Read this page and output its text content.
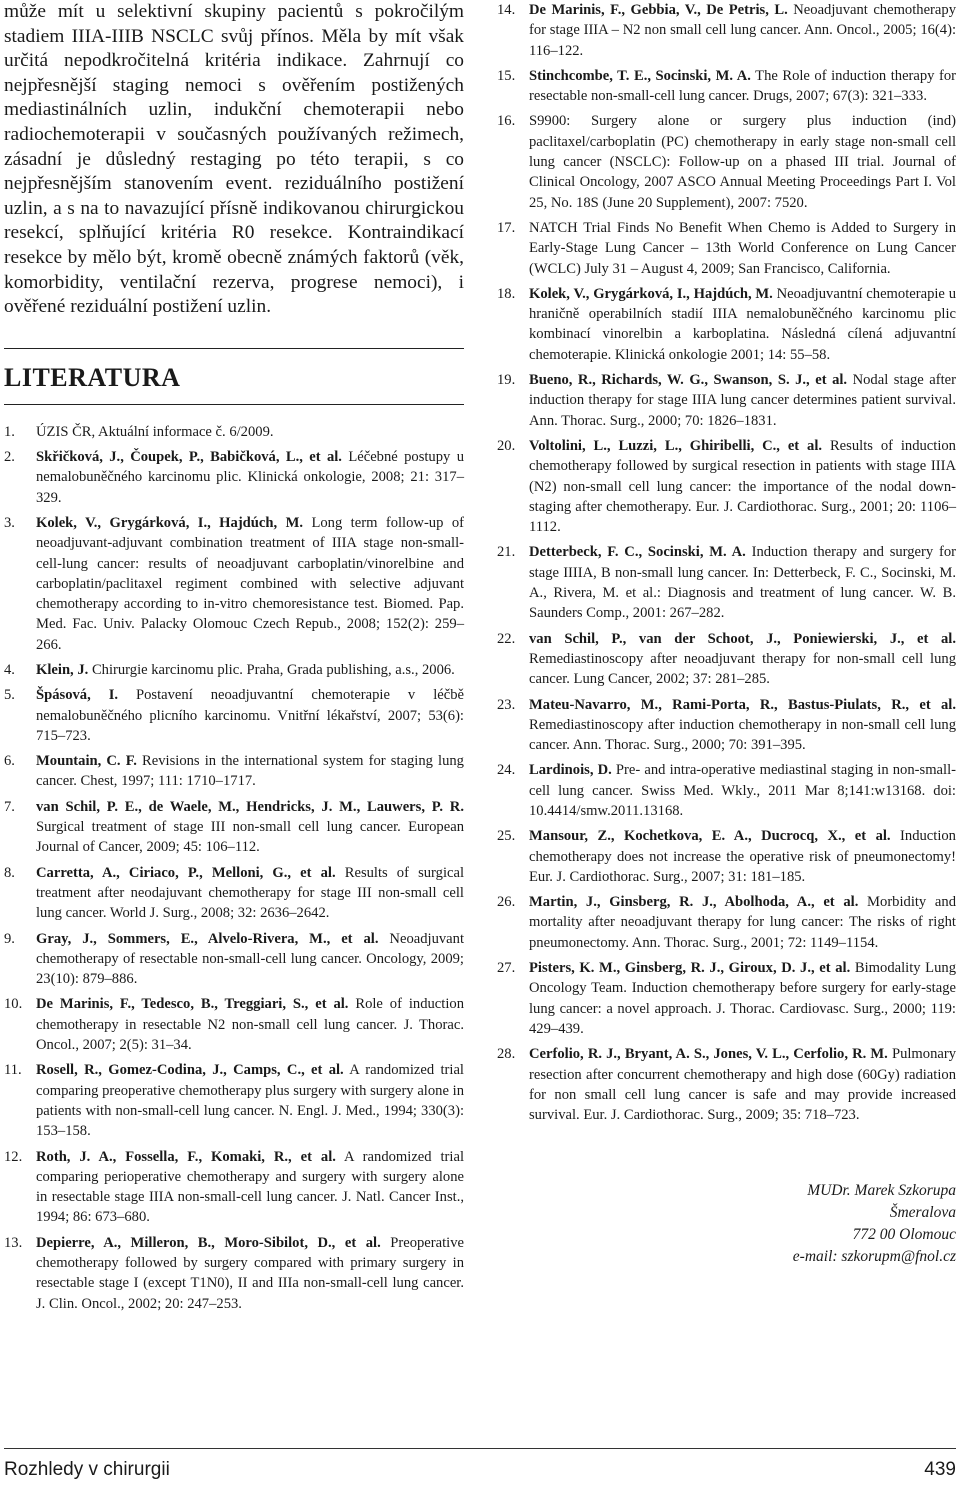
může mít u selektivní skupiny pacientů s pokročilým stadiem IIIA-IIIB NSCLC svůj přínos. Měla by mít však určitá nepodkročitelná kritéria indikace. Zahrnují co nejpřesnější staging nemoci s ověřením postižených mediastinálních uzlin, indukční chemoterapii nebo radiochemoterapii v současných používaných režimech, zásadní je důsledný restaging po této terapii, s co nejpřesnějším stanovením event. reziduálního postižení uzlin, a s na to navazující přísně indikovanou chirurgickou resekcí, splňující kritéria R0 resekce. Kontraindikací resekce by mělo být, kromě obecně známých faktorů (věk, komorbidity, ventilační rezerva, progrese nemoci), i ověřené reziduální postižení uzlin.

LITERATURA
1. ÚZIS ČR, Aktuální informace č. 6/2009.
2. Skřičková, J., Čoupek, P., Babičková, L., et al. Léčebné postupy u nemalobuněčného karcinomu plic. Klinická onkologie, 2008; 21: 317–329.
3. Kolek, V., Grygárková, I., Hajdúch, M. Long term follow-up of neoadjuvant-adjuvant combination treatment of IIIA stage non-small-cell-lung cancer: results of neoadjuvant carboplatin/vinorelbine and carboplatin/paclitaxel regiment combined with selective adjuvant chemotherapy according to in-vitro chemoresistance test. Biomed. Pap. Med. Fac. Univ. Palacky Olomouc Czech Repub., 2008; 152(2): 259–266.
4. Klein, J. Chirurgie karcinomu plic. Praha, Grada publishing, a.s., 2006.
5. Špásová, I. Postavení neoadjuvantní chemoterapie v léčbě nemalobuněčného plicního karcinomu. Vnitřní lékařství, 2007; 53(6): 715–723.
6. Mountain, C. F. Revisions in the international system for staging lung cancer. Chest, 1997; 111: 1710–1717.
7. van Schil, P. E., de Waele, M., Hendricks, J. M., Lauwers, P. R. Surgical treatment of stage III non-small cell lung cancer. European Journal of Cancer, 2009; 45: 106–112.
8. Carretta, A., Ciriaco, P., Melloni, G., et al. Results of surgical treatment after neodajuvant chemotherapy for stage III non-small cell lung cancer. World J. Surg., 2008; 32: 2636–2642.
9. Gray, J., Sommers, E., Alvelo-Rivera, M., et al. Neoadjuvant chemotherapy of resectable non-small-cell lung cancer. Oncology, 2009; 23(10): 879–886.
10. De Marinis, F., Tedesco, B., Treggiari, S., et al. Role of induction chemotherapy in resectable N2 non-small cell lung cancer. J. Thorac. Oncol., 2007; 2(5): 31–34.
11. Rosell, R., Gomez-Codina, J., Camps, C., et al. A randomized trial comparing preoperative chemotherapy plus surgery with surgery alone in patients with non-small-cell lung cancer. N. Engl. J. Med., 1994; 330(3): 153–158.
12. Roth, J. A., Fossella, F., Komaki, R., et al. A randomized trial comparing perioperative chemotherapy and surgery with surgery alone in resectable stage IIIA non-small-cell lung cancer. J. Natl. Cancer Inst., 1994; 86: 673–680.
13. Depierre, A., Milleron, B., Moro-Sibilot, D., et al. Preoperative chemotherapy followed by surgery compared with primary surgery in resectable stage I (except T1N0), II and IIIa non-small-cell lung cancer. J. Clin. Oncol., 2002; 20: 247–253.
14. De Marinis, F., Gebbia, V., De Petris, L. Neoadjuvant chemotherapy for stage IIIA – N2 non small cell lung cancer. Ann. Oncol., 2005; 16(4): 116–122.
15. Stinchcombe, T. E., Socinski, M. A. The Role of induction therapy for resectable non-small-cell lung cancer. Drugs, 2007; 67(3): 321–333.
16. S9900: Surgery alone or surgery plus induction (ind) paclitaxel/carboplatin (PC) chemotherapy in early stage non-small cell lung cancer (NSCLC): Follow-up on a phased III trial. Journal of Clinical Oncology, 2007 ASCO Annual Meeting Proceedings Part I. Vol 25, No. 18S (June 20 Supplement), 2007: 7520.
17. NATCH Trial Finds No Benefit When Chemo is Added to Surgery in Early-Stage Lung Cancer – 13th World Conference on Lung Cancer (WCLC) July 31 – August 4, 2009; San Francisco, California.
18. Kolek, V., Grygárková, I., Hajdúch, M. Neoadjuvantní chemoterapie u hraničně operabilních stadií IIIA nemalobuněčného karcinomu plic kombinací vinorelbin a karboplatina. Následná cílená adjuvantní chemoterapie. Klinická onkologie 2001; 14: 55–58.
19. Bueno, R., Richards, W. G., Swanson, S. J., et al. Nodal stage after induction therapy for stage IIIA lung cancer determines patient survival. Ann. Thorac. Surg., 2000; 70: 1826–1831.
20. Voltolini, L., Luzzi, L., Ghiribelli, C., et al. Results of induction chemotherapy followed by surgical resection in patients with stage IIIA (N2) non-small cell lung cancer: the importance of the nodal down-staging after chemotherapy. Eur. J. Cardiothorac. Surg., 2001; 20: 1106–1112.
21. Detterbeck, F. C., Socinski, M. A. Induction therapy and surgery for stage IIIIA, B non-small lung cancer. In: Detterbeck, F. C., Socinski, M. A., Rivera, M. et al.: Diagnosis and treatment of lung cancer. W. B. Saunders Comp., 2001: 267–282.
22. van Schil, P., van der Schoot, J., Poniewierski, J., et al. Remediastinoscopy after neoadjuvant therapy for non-small cell lung cancer. Lung Cancer, 2002; 37: 281–285.
23. Mateu-Navarro, M., Rami-Porta, R., Bastus-Piulats, R., et al. Remediastinoscopy after induction chemotherapy in non-small cell lung cancer. Ann. Thorac. Surg., 2000; 70: 391–395.
24. Lardinois, D. Pre- and intra-operative mediastinal staging in non-small-cell lung cancer. Swiss Med. Wkly., 2011 Mar 8;141:w13168. doi: 10.4414/smw.2011.13168.
25. Mansour, Z., Kochetkova, E. A., Ducrocq, X., et al. Induction chemotherapy does not increase the operative risk of pneumonectomy! Eur. J. Cardiothorac. Surg., 2007; 31: 181–185.
26. Martin, J., Ginsberg, R. J., Abolhoda, A., et al. Morbidity and mortality after neoadjuvant therapy for lung cancer: The risks of right pneumonectomy. Ann. Thorac. Surg., 2001; 72: 1149–1154.
27. Pisters, K. M., Ginsberg, R. J., Giroux, D. J., et al. Bimodality Lung Oncology Team. Induction chemotherapy before surgery for early-stage lung cancer: a novel approach. J. Thorac. Cardiovasc. Surg., 2000; 119: 429–439.
28. Cerfolio, R. J., Bryant, A. S., Jones, V. L., Cerfolio, R. M. Pulmonary resection after concurrent chemotherapy and high dose (60Gy) radiation for non small cell lung cancer is safe and may provide increased survival. Eur. J. Cardiothorac. Surg., 2009; 35: 718–723.
MUDr. Marek Szkorupa
Šmeralova
772 00 Olomouc
e-mail: szkorupm@fnol.cz
Rozhledy v chirurgii	439
